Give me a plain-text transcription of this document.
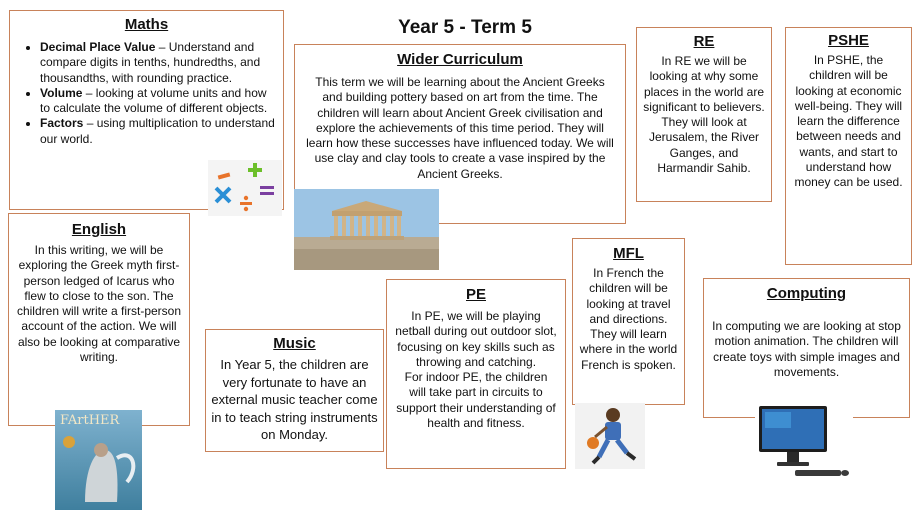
Year 5 - Term 5
Maths
• Decimal Place Value – Understand and compare digits in tenths, hundredths, and thousandths, with rounding practice.
• Volume – looking at volume units and how to calculate the volume of different objects.
• Factors – using multiplication to understand our world.
Wider Curriculum

This term we will be learning about the Ancient Greeks and building pottery based on art from the time. The children will learn about Ancient Greek civilisation and explore the achievements of this time period. They will learn how these successes have influenced today. We will use clay and clay tools to create a vase inspired by the Ancient Greeks.

RE

In RE we will be looking at why some places in the world are significant to believers. They will look at Jerusalem, the River Ganges, and Harmandir Sahib.

PSHE

In PSHE, the children will be looking at economic well-being. They will learn the difference between needs and wants, and start to understand how money can be used.

English

In this writing, we will be exploring the Greek myth first-person ledged of Icarus who flew to close to the son. The children will write a first-person account of the action. We will also be looking at comparative writing.

FArtHER
Music

In Year 5, the children are very fortunate to have an external music teacher come in to teach string instruments on Monday.

PE

In PE, we will be playing netball during out outdoor slot, focusing on key skills such as throwing and catching.

For indoor PE, the children will take part in circuits to support their understanding of health and fitness.

MFL

In French the children will be looking at travel and directions. They will learn where in the world French is spoken.

Computing

In computing we are looking at stop motion animation. The children will create toys with simple images and movements.
